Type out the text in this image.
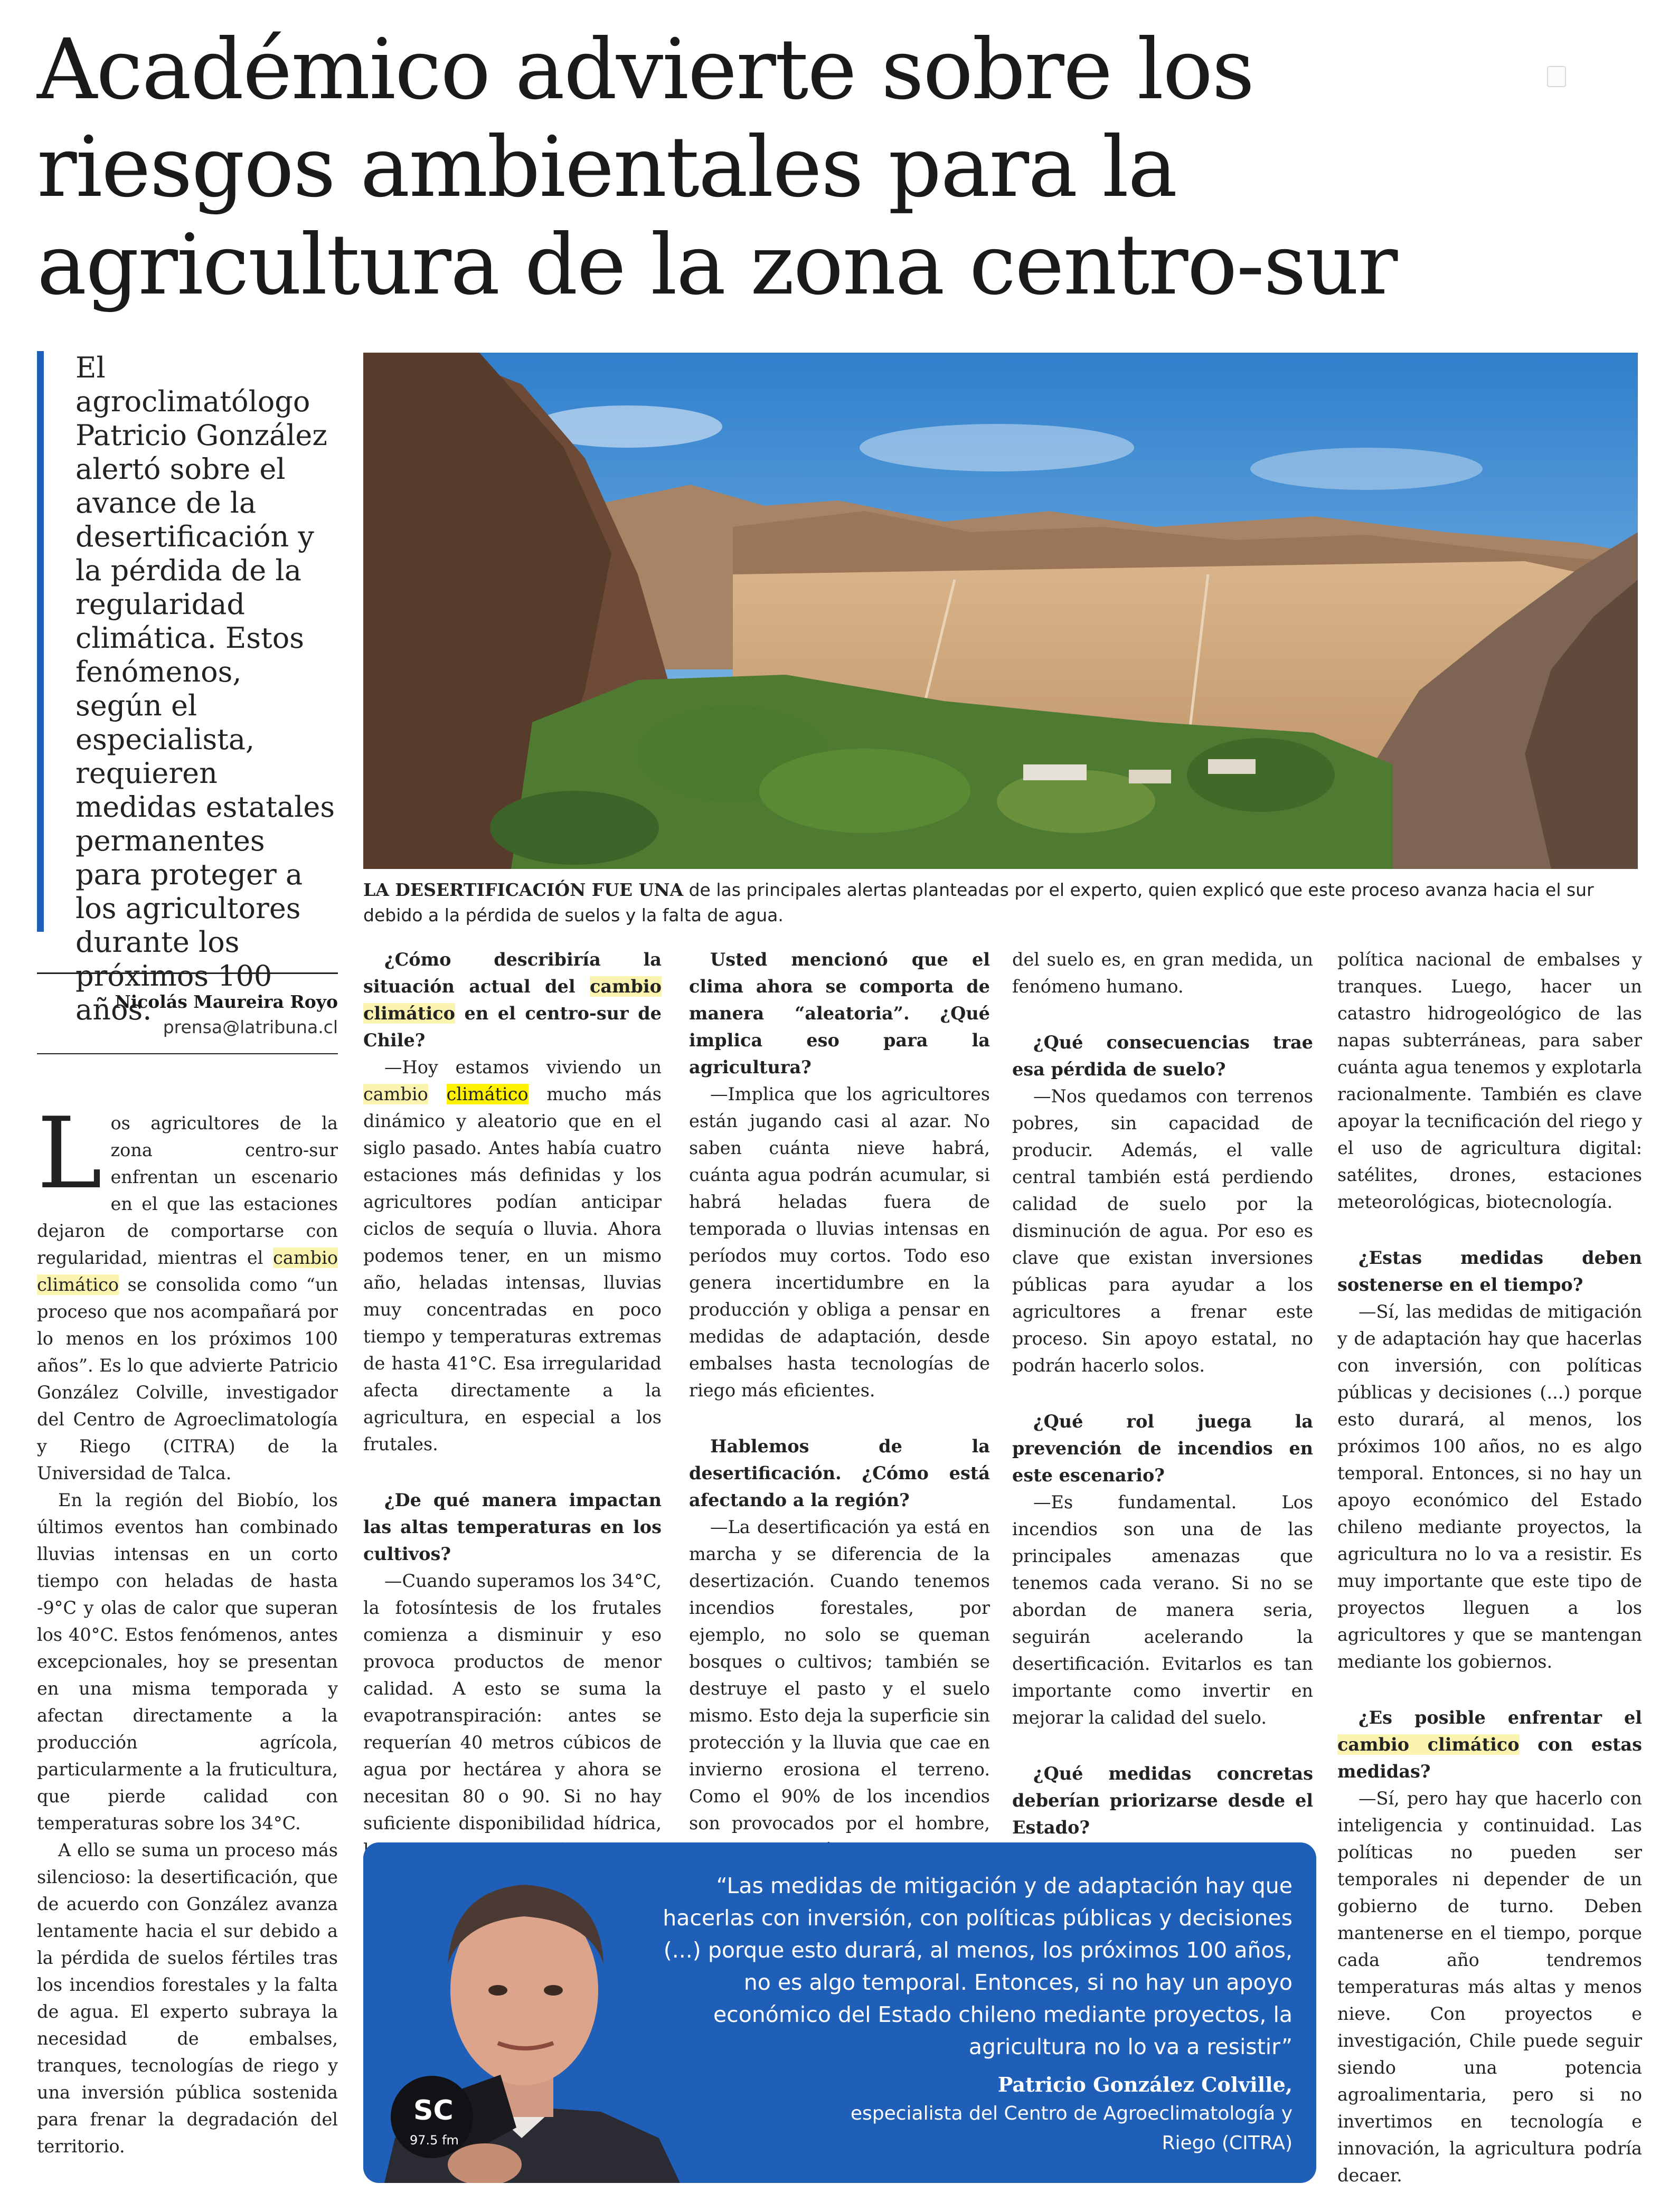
Académico advierte sobre los riesgos ambientales para la agricultura de la zona centro-sur
El agroclimatólogo Patricio González alertó sobre el avance de la desertificación y la pérdida de la regularidad climática. Estos fenómenos, según el especialista, requieren medidas estatales permanentes para proteger a los agricultores durante los próximos 100 años.
LA DESERTIFICACIÓN FUE UNA de las principales alertas planteadas por el experto, quien explicó que este proceso avanza hacia el sur debido a la pérdida de suelos y la falta de agua.
Nicolás Maureira Royo
prensa@latribuna.cl

Los agricultores de la zona centro-sur enfrentan un escenario en el que las estaciones dejaron de comportarse con regularidad, mientras el cambio climático se consolida como “un proceso que nos acompañará por lo menos en los próximos 100 años”. Es lo que advierte Patricio González Colville, investigador del Centro de Agroeclimatología y Riego (CITRA) de la Universidad de Talca.

En la región del Biobío, los últimos eventos han combinado lluvias intensas en un corto tiempo con heladas de hasta -9°C y olas de calor que superan los 40°C. Estos fenómenos, antes excepcionales, hoy se presentan en una misma temporada y afectan directamente a la producción agrícola, particularmente a la fruticultura, que pierde calidad con temperaturas sobre los 34°C.

A ello se suma un proceso más silencioso: la desertificación, que de acuerdo con González avanza lentamente hacia el sur debido a la pérdida de suelos fértiles tras los incendios forestales y la falta de agua. El experto subraya la necesidad de embalses, tranques, tecnologías de riego y una inversión pública sostenida para frenar la degradación del territorio.

¿Cómo describiría la situación actual del cambio climático en el centro-sur de Chile?

—Hoy estamos viviendo un cambio climático mucho más dinámico y aleatorio que en el siglo pasado. Antes había cuatro estaciones más definidas y los agricultores podían anticipar ciclos de sequía o lluvia. Ahora podemos tener, en un mismo año, heladas intensas, lluvias muy concentradas en poco tiempo y temperaturas extremas de hasta 41°C. Esa irregularidad afecta directamente a la agricultura, en especial a los frutales.

¿De qué manera impactan las altas temperaturas en los cultivos?

—Cuando superamos los 34°C, la fotosíntesis de los frutales comienza a disminuir y eso provoca productos de menor calidad. A esto se suma la evapotranspiración: antes se requerían 40 metros cúbicos de agua por hectárea y ahora se necesitan 80 o 90. Si no hay suficiente disponibilidad hídrica,

Usted mencionó que el clima ahora se comporta de manera “aleatoria”. ¿Qué implica eso para la agricultura?

—Implica que los agricultores están jugando casi al azar. No saben cuánta nieve habrá, cuánta agua podrán acumular, si habrá heladas fuera de temporada o lluvias intensas en períodos muy cortos. Todo eso genera incertidumbre en la producción y obliga a pensar en medidas de adaptación, desde embalses hasta tecnologías de riego más eficientes.

Hablemos de la desertificación. ¿Cómo está afectando a la región?

—La desertificación ya está en marcha y se diferencia de la desertización. Cuando tenemos incendios forestales, por ejemplo, no solo se queman bosques o cultivos; también se destruye el pasto y el suelo mismo. Esto deja la superficie sin protección y la lluvia que cae en invierno erosiona el terreno. Como el 90% de los incendios son provocados por el hombre,

del suelo es, en gran medida, un fenómeno humano.

¿Qué consecuencias trae esa pérdida de suelo?

—Nos quedamos con terrenos pobres, sin capacidad de producir. Además, el valle central también está perdiendo calidad de suelo por la disminución de agua. Por eso es clave que existan inversiones públicas para ayudar a los agricultores a frenar este proceso. Sin apoyo estatal, no podrán hacerlo solos.

¿Qué rol juega la prevención de incendios en este escenario?

—Es fundamental. Los incendios son una de las principales amenazas que tenemos cada verano. Si no se abordan de manera seria, seguirán acelerando la desertificación. Evitarlos es tan importante como invertir en mejorar la calidad del suelo.

¿Qué medidas concretas deberían priorizarse desde el Estado?

política nacional de embalses y tranques. Luego, hacer un catastro hidrogeológico de las napas subterráneas, para saber cuánta agua tenemos y explotarla racionalmente. También es clave apoyar la tecnificación del riego y el uso de agricultura digital: satélites, drones, estaciones meteorológicas, biotecnología.

¿Estas medidas deben sostenerse en el tiempo?

—Sí, las medidas de mitigación y de adaptación hay que hacerlas con inversión, con políticas públicas y decisiones (...) porque esto durará, al menos, los próximos 100 años, no es algo temporal. Entonces, si no hay un apoyo económico del Estado chileno mediante proyectos, la agricultura no lo va a resistir. Es muy importante que este tipo de proyectos lleguen a los agricultores y que se mantengan mediante los gobiernos.

¿Es posible enfrentar el cambio climático con estas medidas?

—Sí, pero hay que hacerlo con inteligencia y continuidad. Las políticas no pueden ser temporales ni depender de un gobierno de turno. Deben mantenerse en el tiempo, porque cada año tendremos temperaturas más altas y menos nieve. Con proyectos e investigación, Chile puede seguir siendo una potencia agroalimentaria, pero si no invertimos en tecnología e innovación, la agricultura podría decaer.

SC
97.5 fm
“Las medidas de mitigación y de adaptación hay que hacerlas con inversión, con políticas públicas y decisiones (...) porque esto durará, al menos, los próximos 100 años, no es algo temporal. Entonces, si no hay un apoyo económico del Estado chileno mediante proyectos, la agricultura no lo va a resistir”
Patricio González Colville,
especialista del Centro de Agroeclimatología y Riego (CITRA)
